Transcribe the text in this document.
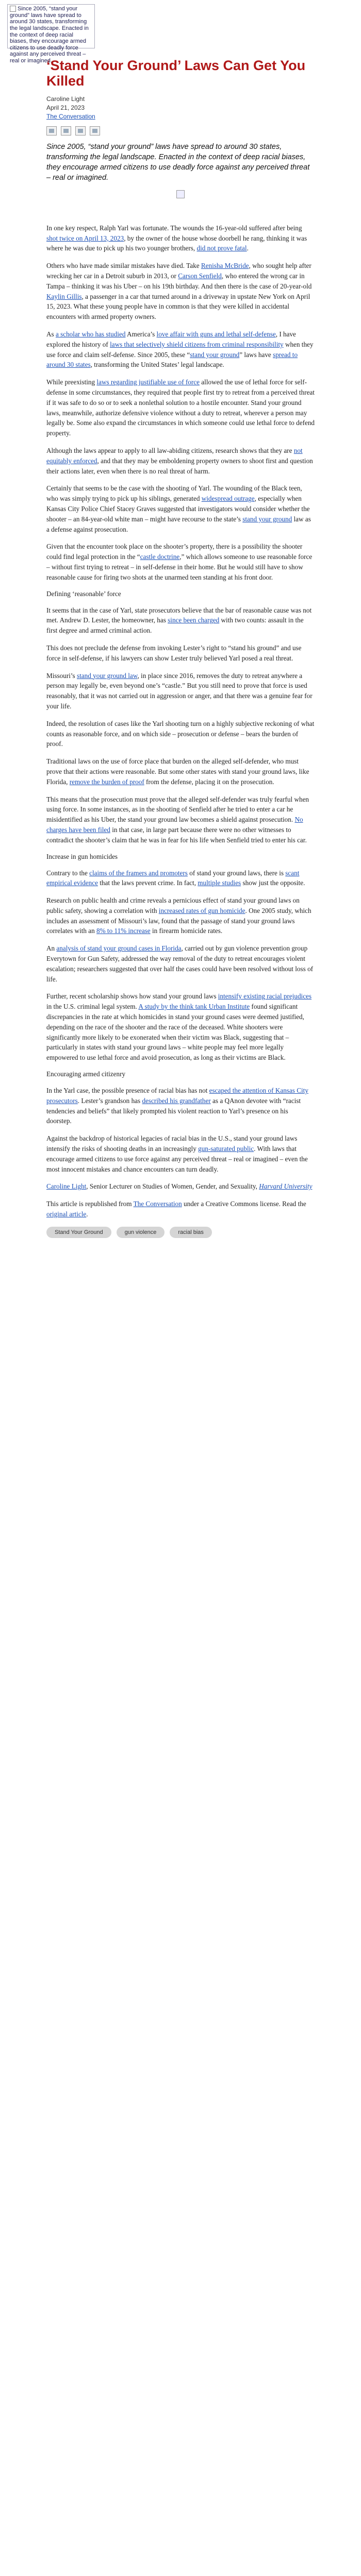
Since 2005, “stand your ground” laws have spread to around 30 states, transforming the legal landscape. Enacted in the context of deep racial biases, they encourage armed citizens to use deadly force against any perceived threat – real or imagined.
‘Stand Your Ground’ Laws Can Get You Killed
Caroline Light
April 21, 2023
The Conversation
Since 2005, “stand your ground” laws have spread to around 30 states, transforming the legal landscape. Enacted in the context of deep racial biases, they encourage armed citizens to use deadly force against any perceived threat – real or imagined.

In one key respect, Ralph Yarl was fortunate. The wounds the 16-year-old suffered after being shot twice on April 13, 2023, by the owner of the house whose doorbell he rang, thinking it was where he was due to pick up his two younger brothers, did not prove fatal.

Others who have made similar mistakes have died. Take Renisha McBride, who sought help after wrecking her car in a Detroit suburb in 2013, or Carson Senfield, who entered the wrong car in Tampa – thinking it was his Uber – on his 19th birthday. And then there is the case of 20-year-old Kaylin Gillis, a passenger in a car that turned around in a driveway in upstate New York on April 15, 2023. What these young people have in common is that they were killed in accidental encounters with armed property owners.

As a scholar who has studied America’s love affair with guns and lethal self-defense, I have explored the history of laws that selectively shield citizens from criminal responsibility when they use force and claim self-defense. Since 2005, these “stand your ground” laws have spread to around 30 states, transforming the United States’ legal landscape.

While preexisting laws regarding justifiable use of force allowed the use of lethal force for self-defense in some circumstances, they required that people first try to retreat from a perceived threat if it was safe to do so or to seek a nonlethal solution to a hostile encounter. Stand your ground laws, meanwhile, authorize defensive violence without a duty to retreat, wherever a person may legally be. Some also expand the circumstances in which someone could use lethal force to defend property.

Although the laws appear to apply to all law-abiding citizens, research shows that they are not equitably enforced, and that they may be emboldening property owners to shoot first and question their actions later, even when there is no real threat of harm.

Certainly that seems to be the case with the shooting of Yarl. The wounding of the Black teen, who was simply trying to pick up his siblings, generated widespread outrage, especially when Kansas City Police Chief Stacey Graves suggested that investigators would consider whether the shooter – an 84-year-old white man – might have recourse to the state’s stand your ground law as a defense against prosecution.

Given that the encounter took place on the shooter’s property, there is a possibility the shooter could find legal protection in the “castle doctrine,” which allows someone to use reasonable force – without first trying to retreat – in self-defense in their home. But he would still have to show reasonable cause for firing two shots at the unarmed teen standing at his front door.

Defining ‘reasonable’ force

It seems that in the case of Yarl, state prosecutors believe that the bar of reasonable cause was not met. Andrew D. Lester, the homeowner, has since been charged with two counts: assault in the first degree and armed criminal action.

This does not preclude the defense from invoking Lester’s right to “stand his ground” and use force in self-defense, if his lawyers can show Lester truly believed Yarl posed a real threat.

Missouri’s stand your ground law, in place since 2016, removes the duty to retreat anywhere a person may legally be, even beyond one’s “castle.” But you still need to prove that force is used reasonably, that it was not carried out in aggression or anger, and that there was a genuine fear for your life.

Indeed, the resolution of cases like the Yarl shooting turn on a highly subjective reckoning of what counts as reasonable force, and on which side – prosecution or defense – bears the burden of proof.

Traditional laws on the use of force place that burden on the alleged self-defender, who must prove that their actions were reasonable. But some other states with stand your ground laws, like Florida, remove the burden of proof from the defense, placing it on the prosecution.

This means that the prosecution must prove that the alleged self-defender was truly fearful when using force. In some instances, as in the shooting of Senfield after he tried to enter a car he misidentified as his Uber, the stand your ground law becomes a shield against prosecution. No charges have been filed in that case, in large part because there were no other witnesses to contradict the shooter’s claim that he was in fear for his life when Senfield tried to enter his car.

Increase in gun homicides

Contrary to the claims of the framers and promoters of stand your ground laws, there is scant empirical evidence that the laws prevent crime. In fact, multiple studies show just the opposite.

Research on public health and crime reveals a pernicious effect of stand your ground laws on public safety, showing a correlation with increased rates of gun homicide. One 2005 study, which includes an assessment of Missouri’s law, found that the passage of stand your ground laws correlates with an 8% to 11% increase in firearm homicide rates.

An analysis of stand your ground cases in Florida, carried out by gun violence prevention group Everytown for Gun Safety, addressed the way removal of the duty to retreat encourages violent escalation; researchers suggested that over half the cases could have been resolved without loss of life.

Further, recent scholarship shows how stand your ground laws intensify existing racial prejudices in the U.S. criminal legal system. A study by the think tank Urban Institute found significant discrepancies in the rate at which homicides in stand your ground cases were deemed justified, depending on the race of the shooter and the race of the deceased. White shooters were significantly more likely to be exonerated when their victim was Black, suggesting that – particularly in states with stand your ground laws – white people may feel more legally empowered to use lethal force and avoid prosecution, as long as their victims are Black.

Encouraging armed citizenry

In the Yarl case, the possible presence of racial bias has not escaped the attention of Kansas City prosecutors. Lester’s grandson has described his grandfather as a QAnon devotee with “racist tendencies and beliefs” that likely prompted his violent reaction to Yarl’s presence on his doorstep.

Against the backdrop of historical legacies of racial bias in the U.S., stand your ground laws intensify the risks of shooting deaths in an increasingly gun-saturated public. With laws that encourage armed citizens to use force against any perceived threat – real or imagined – even the most innocent mistakes and chance encounters can turn deadly.

Caroline Light, Senior Lecturer on Studies of Women, Gender, and Sexuality, Harvard University

This article is republished from The Conversation under a Creative Commons license. Read the original article.

Stand Your Ground	gun violence	racial bias
